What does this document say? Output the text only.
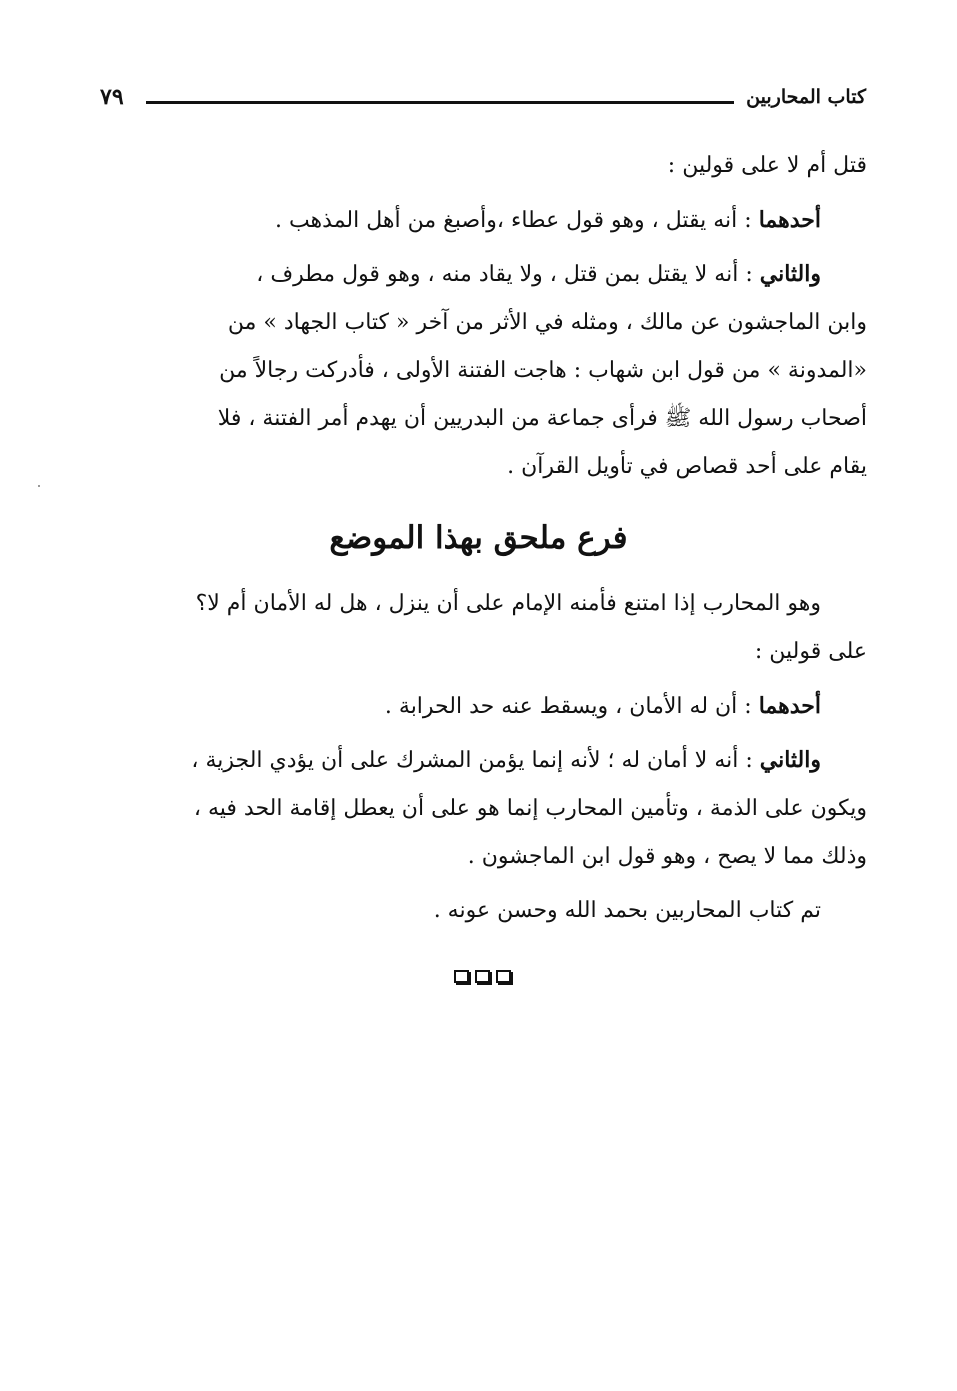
كتاب المحاربين
٧٩
قتل أم لا على قولين :
أحدهما : أنه يقتل ، وهو قول عطاء ،وأصبغ من أهل المذهب .
والثاني : أنه لا يقتل بمن قتل ، ولا يقاد منه ، وهو قول مطرف ،
وابن الماجشون عن مالك ، ومثله في الأثر من آخر « كتاب الجهاد » من
«المدونة » من قول ابن شهاب : هاجت الفتنة الأولى ، فأدركت رجالاً من
أصحاب رسول الله ﷺ فرأى جماعة من البدريين أن يهدم أمر الفتنة ، فلا
يقام على أحد قصاص في تأويل القرآن .
فرع ملحق بهذا الموضع
وهو المحارب إذا امتنع فأمنه الإمام على أن ينزل ، هل له الأمان أم لا؟
على قولين :
أحدهما : أن له الأمان ، ويسقط عنه حد الحرابة .
والثاني : أنه لا أمان له ؛ لأنه إنما يؤمن المشرك على أن يؤدي الجزية ،
ويكون على الذمة ، وتأمين المحارب إنما هو على أن يعطل إقامة الحد فيه ،
وذلك مما لا يصح ، وهو قول ابن الماجشون .
تم كتاب المحاربين بحمد الله وحسن عونه .
